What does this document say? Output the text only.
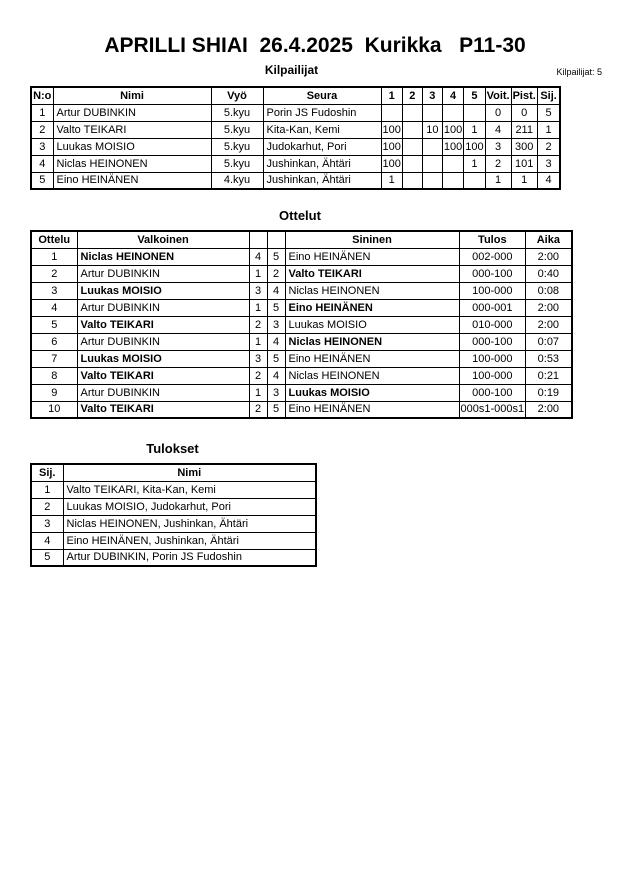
APRILLI SHIAI  26.4.2025  Kurikka   P11-30
Kilpailijat	Kilpailijat: 5
N:o	Nimi	Vyö	Seura	1	2	3	4	5	Voit.	Pist.	Sij.
1	Artur DUBINKIN	5.kyu	Porin JS Fudoshin						0	0	5
2	Valto TEIKARI	5.kyu	Kita-Kan, Kemi	100		10	100	1	4	211	1
3	Luukas MOISIO	5.kyu	Judokarhut, Pori	100			100	100	3	300	2
4	Niclas HEINONEN	5.kyu	Jushinkan, Ähtäri	100				1	2	101	3
5	Eino HEINÄNEN	4.kyu	Jushinkan, Ähtäri	1					1	1	4
Ottelut
Ottelu	Valkoinen			Sininen	Tulos	Aika
1	Niclas HEINONEN	4	5	Eino HEINÄNEN	002-000	2:00
2	Artur DUBINKIN	1	2	Valto TEIKARI	000-100	0:40
3	Luukas MOISIO	3	4	Niclas HEINONEN	100-000	0:08
4	Artur DUBINKIN	1	5	Eino HEINÄNEN	000-001	2:00
5	Valto TEIKARI	2	3	Luukas MOISIO	010-000	2:00
6	Artur DUBINKIN	1	4	Niclas HEINONEN	000-100	0:07
7	Luukas MOISIO	3	5	Eino HEINÄNEN	100-000	0:53
8	Valto TEIKARI	2	4	Niclas HEINONEN	100-000	0:21
9	Artur DUBINKIN	1	3	Luukas MOISIO	000-100	0:19
10	Valto TEIKARI	2	5	Eino HEINÄNEN	000s1-000s1	2:00
Tulokset
Sij.	Nimi
1	Valto TEIKARI, Kita-Kan, Kemi
2	Luukas MOISIO, Judokarhut, Pori
3	Niclas HEINONEN, Jushinkan, Ähtäri
4	Eino HEINÄNEN, Jushinkan, Ähtäri
5	Artur DUBINKIN, Porin JS Fudoshin
